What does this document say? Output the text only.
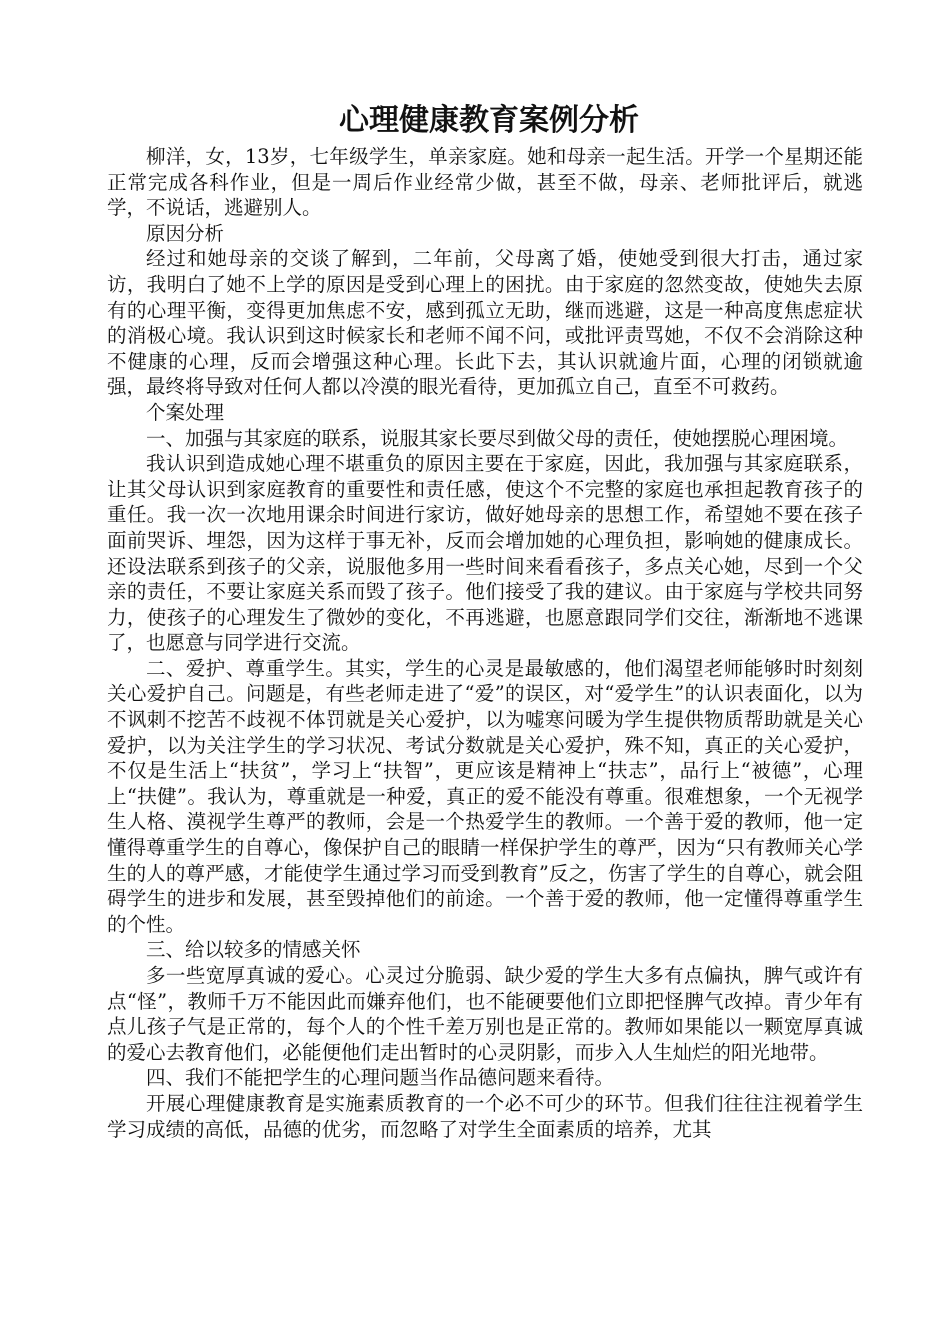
心理健康教育案例分析

柳洋，女，13岁，七年级学生，单亲家庭。她和母亲一起生活。开学一个星期还能正常完成各科作业，但是一周后作业经常少做，甚至不做，母亲、老师批评后，就逃学，不说话，逃避别人。

原因分析

经过和她母亲的交谈了解到，二年前，父母离了婚，使她受到很大打击，通过家访，我明白了她不上学的原因是受到心理上的困扰。由于家庭的忽然变故，使她失去原有的心理平衡，变得更加焦虑不安，感到孤立无助，继而逃避，这是一种高度焦虑症状的消极心境。我认识到这时候家长和老师不闻不问，或批评责骂她，不仅不会消除这种不健康的心理，反而会增强这种心理。长此下去，其认识就逾片面，心理的闭锁就逾强，最终将导致对任何人都以冷漠的眼光看待，更加孤立自己，直至不可救药。

个案处理

一、加强与其家庭的联系，说服其家长要尽到做父母的责任，使她摆脱心理困境。

我认识到造成她心理不堪重负的原因主要在于家庭，因此，我加强与其家庭联系，让其父母认识到家庭教育的重要性和责任感，使这个不完整的家庭也承担起教育孩子的重任。我一次一次地用课余时间进行家访，做好她母亲的思想工作，希望她不要在孩子面前哭诉、埋怨，因为这样于事无补，反而会增加她的心理负担，影响她的健康成长。还设法联系到孩子的父亲，说服他多用一些时间来看看孩子，多点关心她，尽到一个父亲的责任，不要让家庭关系而毁了孩子。他们接受了我的建议。由于家庭与学校共同努力，使孩子的心理发生了微妙的变化，不再逃避，也愿意跟同学们交往，渐渐地不逃课了，也愿意与同学进行交流。

二、爱护、尊重学生。其实，学生的心灵是最敏感的，他们渴望老师能够时时刻刻关心爱护自己。问题是，有些老师走进了“爱”的误区，对“爱学生”的认识表面化，以为不讽刺不挖苦不歧视不体罚就是关心爱护，以为嘘寒问暖为学生提供物质帮助就是关心爱护，以为关注学生的学习状况、考试分数就是关心爱护，殊不知，真正的关心爱护，不仅是生活上“扶贫”，学习上“扶智”，更应该是精神上“扶志”，品行上“被德”，心理上“扶健”。我认为，尊重就是一种爱，真正的爱不能没有尊重。很难想象，一个无视学生人格、漠视学生尊严的教师，会是一个热爱学生的教师。一个善于爱的教师，他一定懂得尊重学生的自尊心，像保护自己的眼睛一样保护学生的尊严，因为“只有教师关心学生的人的尊严感，才能使学生通过学习而受到教育”反之，伤害了学生的自尊心，就会阻碍学生的进步和发展，甚至毁掉他们的前途。一个善于爱的教师，他一定懂得尊重学生的个性。

三、给以较多的情感关怀

多一些宽厚真诚的爱心。心灵过分脆弱、缺少爱的学生大多有点偏执，脾气或许有点“怪”，教师千万不能因此而嫌弃他们，也不能硬要他们立即把怪脾气改掉。青少年有点儿孩子气是正常的，每个人的个性千差万别也是正常的。教师如果能以一颗宽厚真诚的爱心去教育他们，必能便他们走出暂时的心灵阴影，而步入人生灿烂的阳光地带。

四、我们不能把学生的心理问题当作品德问题来看待。

开展心理健康教育是实施素质教育的一个必不可少的环节。但我们往往注视着学生学习成绩的高低，品德的优劣，而忽略了对学生全面素质的培养，尤其
